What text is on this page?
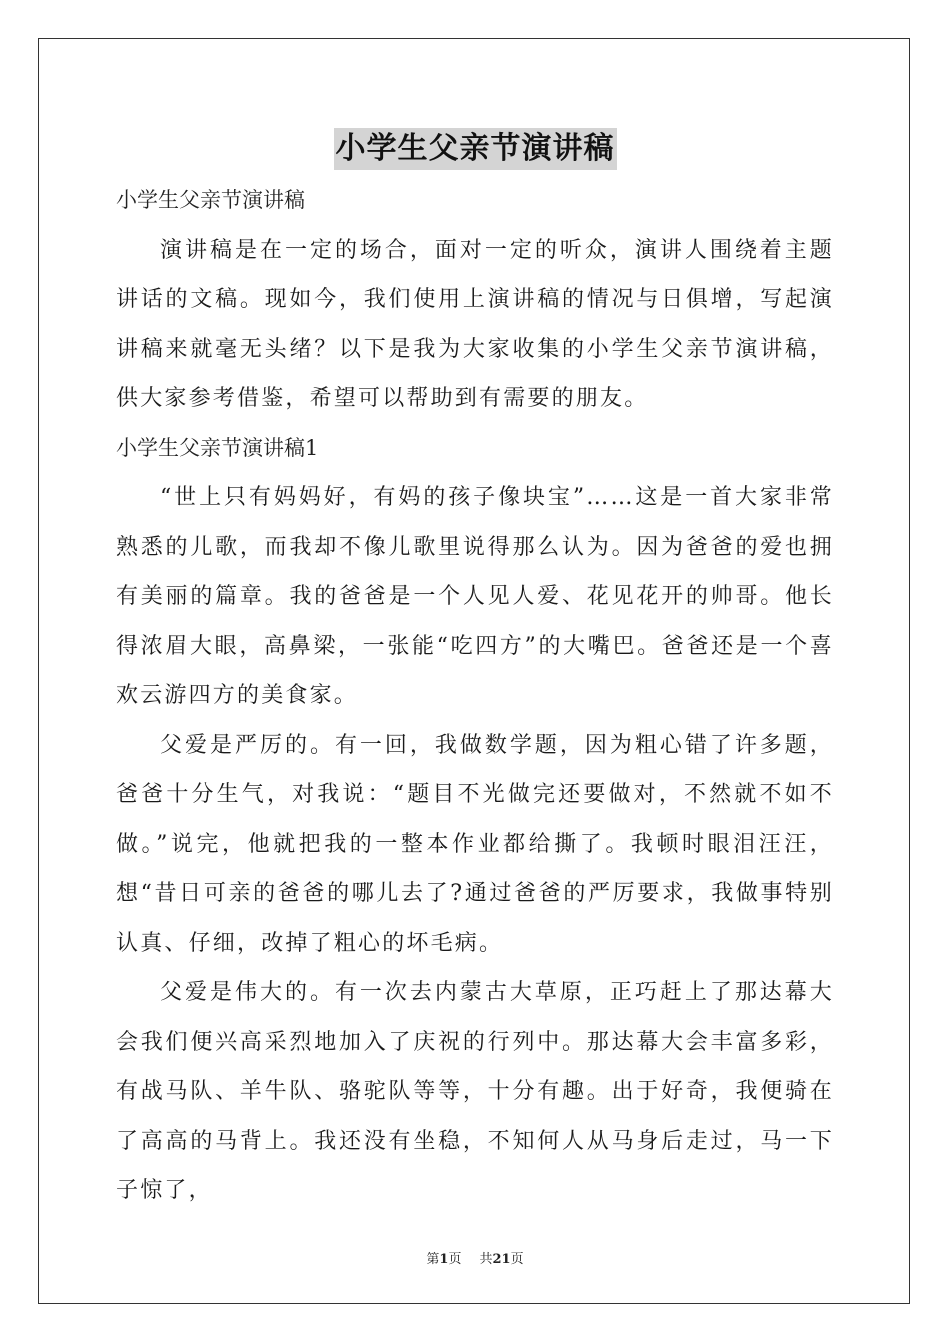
小学生父亲节演讲稿

小学生父亲节演讲稿

演讲稿是在一定的场合，面对一定的听众，演讲人围绕着主题讲话的文稿。现如今，我们使用上演讲稿的情况与日俱增，写起演讲稿来就毫无头绪？以下是我为大家收集的小学生父亲节演讲稿，供大家参考借鉴，希望可以帮助到有需要的朋友。

小学生父亲节演讲稿1

“世上只有妈妈好，有妈的孩子像块宝”……这是一首大家非常熟悉的儿歌，而我却不像儿歌里说得那么认为。因为爸爸的爱也拥有美丽的篇章。我的爸爸是一个人见人爱、花见花开的帅哥。他长得浓眉大眼，高鼻梁，一张能“吃四方”的大嘴巴。爸爸还是一个喜欢云游四方的美食家。

父爱是严厉的。有一回，我做数学题，因为粗心错了许多题，爸爸十分生气，对我说：“题目不光做完还要做对，不然就不如不做。”说完，他就把我的一整本作业都给撕了。我顿时眼泪汪汪，想“昔日可亲的爸爸的哪儿去了?通过爸爸的严厉要求，我做事特别认真、仔细，改掉了粗心的坏毛病。

父爱是伟大的。有一次去内蒙古大草原，正巧赶上了那达幕大会我们便兴高采烈地加入了庆祝的行列中。那达幕大会丰富多彩，有战马队、羊牛队、骆驼队等等，十分有趣。出于好奇，我便骑在了高高的马背上。我还没有坐稳，不知何人从马身后走过，马一下子惊了，

第1页 共21页
